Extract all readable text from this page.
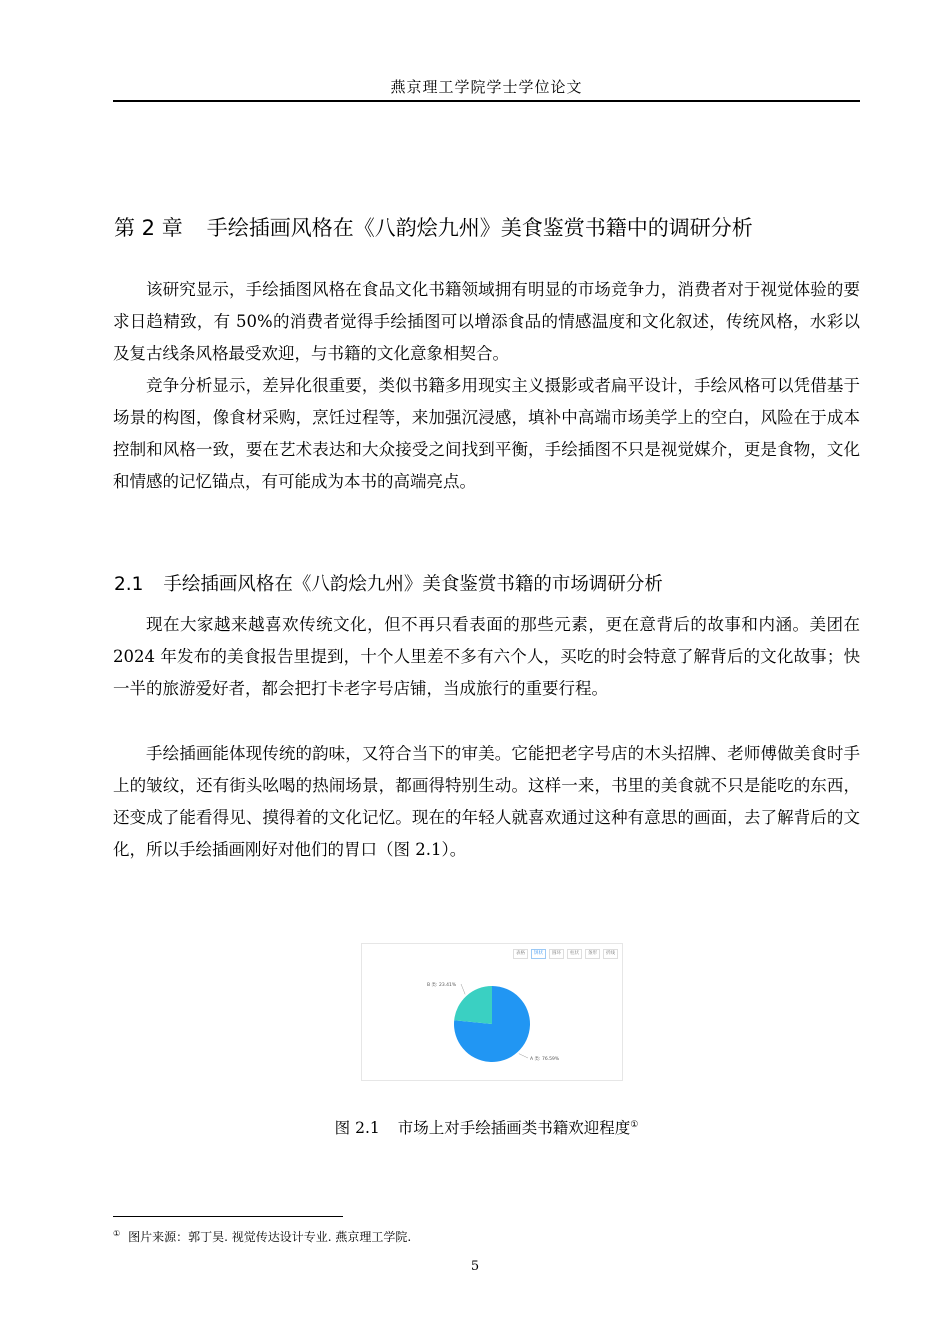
燕京理工学院学士学位论文
第 2 章 手绘插画风格在《八韵烩九州》美食鉴赏书籍中的调研分析

该研究显示，手绘插图风格在食品文化书籍领域拥有明显的市场竞争力，消费者对于视觉体验的要求日趋精致，有 50%的消费者觉得手绘插图可以增添食品的情感温度和文化叙述，传统风格，水彩以及复古线条风格最受欢迎，与书籍的文化意象相契合。

竞争分析显示，差异化很重要，类似书籍多用现实主义摄影或者扁平设计，手绘风格可以凭借基于场景的构图，像食材采购，烹饪过程等，来加强沉浸感，填补中高端市场美学上的空白，风险在于成本控制和风格一致，要在艺术表达和大众接受之间找到平衡，手绘插图不只是视觉媒介，更是食物，文化和情感的记忆锚点，有可能成为本书的高端亮点。

2.1 手绘插画风格在《八韵烩九州》美食鉴赏书籍的市场调研分析

现在大家越来越喜欢传统文化，但不再只看表面的那些元素，更在意背后的故事和内涵。美团在 2024 年发布的美食报告里提到，十个人里差不多有六个人，买吃的时会特意了解背后的文化故事；快一半的旅游爱好者，都会把打卡老字号店铺，当成旅行的重要行程。

手绘插画能体现传统的韵味，又符合当下的审美。它能把老字号店的木头招牌、老师傅做美食时手上的皱纹，还有街头吆喝的热闹场景，都画得特别生动。这样一来，书里的美食就不只是能吃的东西，还变成了能看得见、摸得着的文化记忆。现在的年轻人就喜欢通过这种有意思的画面，去了解背后的文化，所以手绘插画刚好对他们的胃口（图 2.1）。

表格	饼状	圆环	柱状	条形	折线
A 类: 76.59%
B 类: 23.41%
图 2.1 市场上对手绘插画类书籍欢迎程度①
① 图片来源：郭丁昊. 视觉传达设计专业. 燕京理工学院.
5
